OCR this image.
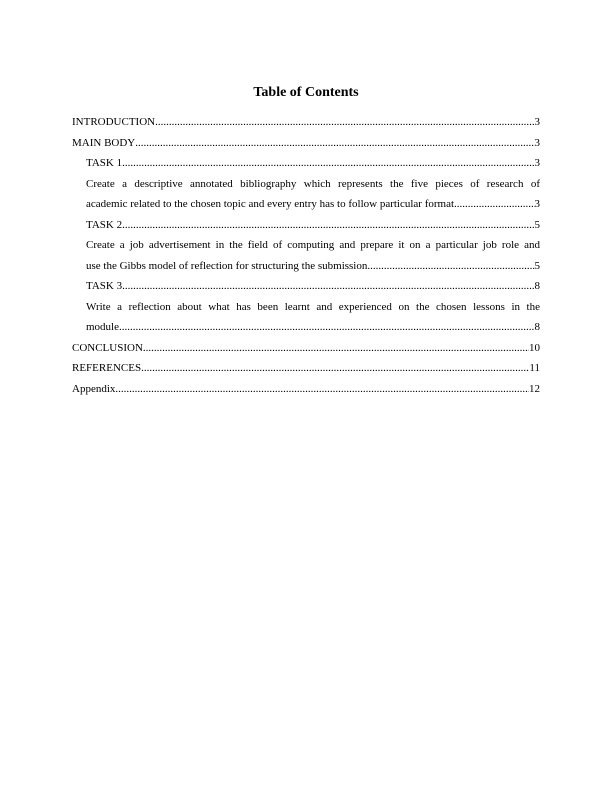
Table of Contents
INTRODUCTION .....	3
MAIN BODY .....	3
TASK 1 .....	3
Create a descriptive annotated bibliography which represents the five pieces of research of
academic related to the chosen topic and every entry has to follow particular format. .....	3
TASK 2 .....	5
Create a job advertisement in the field of computing and prepare it on a particular job role and
use the Gibbs model of reflection for structuring the submission .....	5
TASK 3 .....	8
Write a reflection about what has been learnt and experienced on the chosen lessons in the
module .....	8
CONCLUSION .....	10
REFERENCES .....	11
Appendix .....	12
